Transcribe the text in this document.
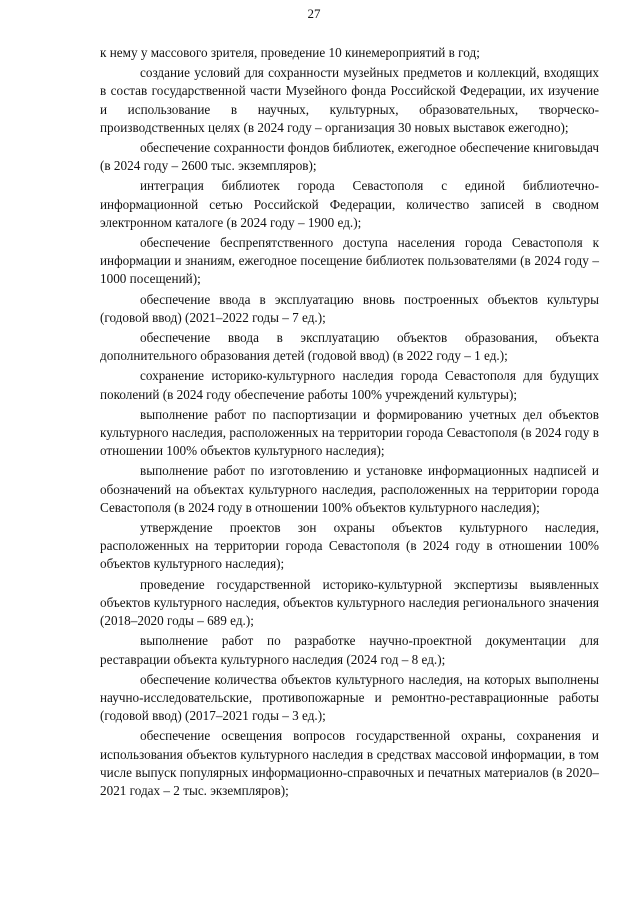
27

к нему у массового зрителя, проведение 10 кинемероприятий в год;

создание условий для сохранности музейных предметов и коллекций, входящих в состав государственной части Музейного фонда Российской Федерации, их изучение и использование в научных, культурных, образовательных, творческо-производственных целях (в 2024 году – организация 30 новых выставок ежегодно);

обеспечение сохранности фондов библиотек, ежегодное обеспечение книговыдач (в 2024 году – 2600 тыс. экземпляров);

интеграция библиотек города Севастополя с единой библиотечно-информационной сетью Российской Федерации, количество записей в сводном электронном каталоге (в 2024 году – 1900 ед.);

обеспечение беспрепятственного доступа населения города Севастополя к информации и знаниям, ежегодное посещение библиотек пользователями (в 2024 году – 1000 посещений);

обеспечение ввода в эксплуатацию вновь построенных объектов культуры (годовой ввод) (2021–2022 годы – 7 ед.);

обеспечение ввода в эксплуатацию объектов образования, объекта дополнительного образования детей (годовой ввод) (в 2022 году – 1 ед.);

сохранение историко-культурного наследия города Севастополя для будущих поколений (в 2024 году обеспечение работы 100% учреждений культуры);

выполнение работ по паспортизации и формированию учетных дел объектов культурного наследия, расположенных на территории города Севастополя (в 2024 году в отношении 100% объектов культурного наследия);

выполнение работ по изготовлению и установке информационных надписей и обозначений на объектах культурного наследия, расположенных на территории города Севастополя (в 2024 году в отношении 100% объектов культурного наследия);

утверждение проектов зон охраны объектов культурного наследия, расположенных на территории города Севастополя (в 2024 году в отношении 100% объектов культурного наследия);

проведение государственной историко-культурной экспертизы выявленных объектов культурного наследия, объектов культурного наследия регионального значения (2018–2020 годы – 689 ед.);

выполнение работ по разработке научно-проектной документации для реставрации объекта культурного наследия (2024 год – 8 ед.);

обеспечение количества объектов культурного наследия, на которых выполнены научно-исследовательские, противопожарные и ремонтно-реставрационные работы (годовой ввод) (2017–2021 годы – 3 ед.);

обеспечение освещения вопросов государственной охраны, сохранения и использования объектов культурного наследия в средствах массовой информации, в том числе выпуск популярных информационно-справочных и печатных материалов (в 2020–2021 годах – 2 тыс. экземпляров);
